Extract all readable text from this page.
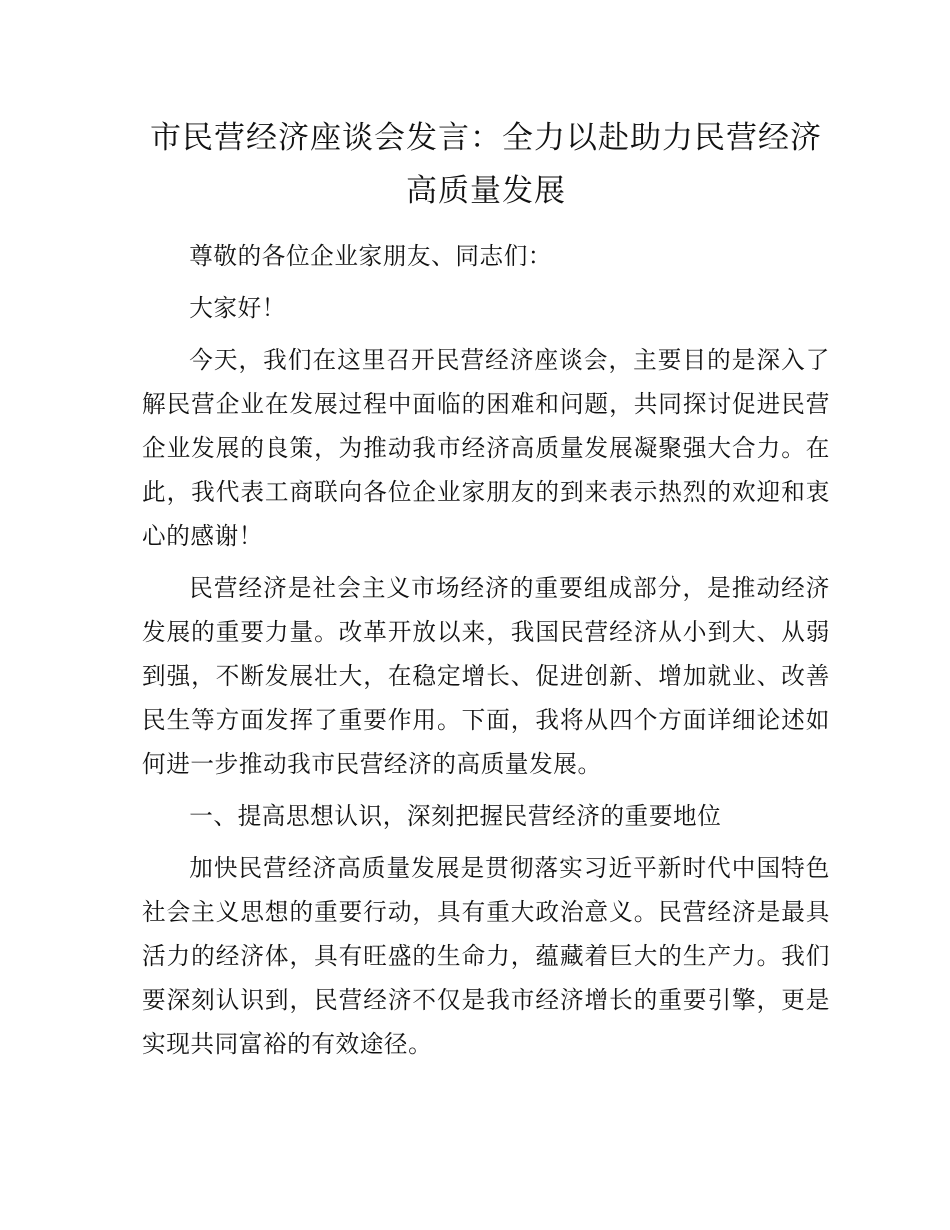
市民营经济座谈会发言：全力以赴助力民营经济高质量发展

尊敬的各位企业家朋友、同志们：

大家好！

今天，我们在这里召开民营经济座谈会，主要目的是深入了解民营企业在发展过程中面临的困难和问题，共同探讨促进民营企业发展的良策，为推动我市经济高质量发展凝聚强大合力。在此，我代表工商联向各位企业家朋友的到来表示热烈的欢迎和衷心的感谢！

民营经济是社会主义市场经济的重要组成部分，是推动经济发展的重要力量。改革开放以来，我国民营经济从小到大、从弱到强，不断发展壮大，在稳定增长、促进创新、增加就业、改善民生等方面发挥了重要作用。下面，我将从四个方面详细论述如何进一步推动我市民营经济的高质量发展。

一、提高思想认识，深刻把握民营经济的重要地位

加快民营经济高质量发展是贯彻落实习近平新时代中国特色社会主义思想的重要行动，具有重大政治意义。民营经济是最具活力的经济体，具有旺盛的生命力，蕴藏着巨大的生产力。我们要深刻认识到，民营经济不仅是我市经济增长的重要引擎，更是实现共同富裕的有效途径。
